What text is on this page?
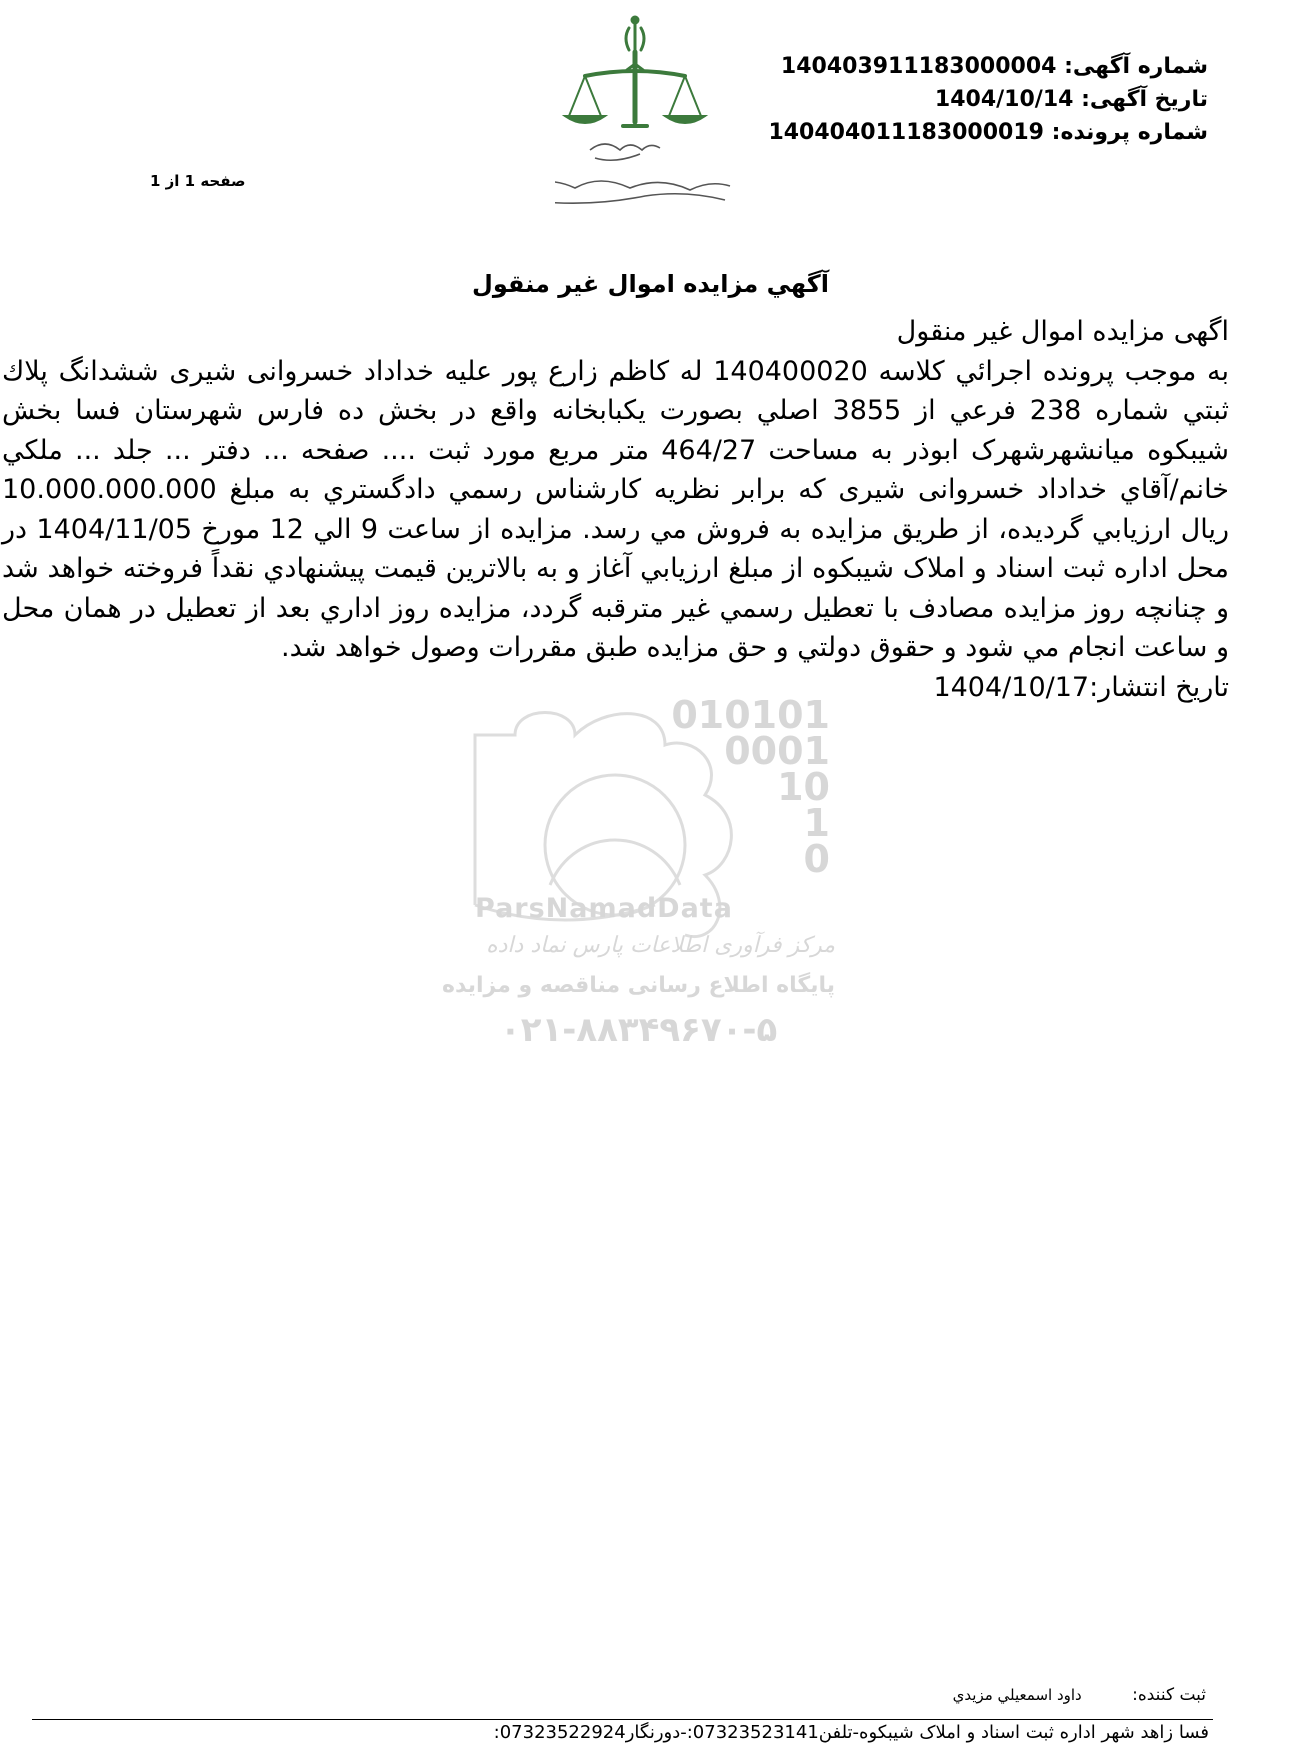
شماره آگهی: 140403911183000004
تاریخ آگهی: 1404/10/14
شماره پرونده: 140404011183000019
صفحه 1 از 1
آگهي مزايده اموال غير منقول
010101
0001
10
1
0
ParsNamadData
مرکز فرآوری اطلاعات پارس نماد داده
پایگاه اطلاع رسانی مناقصه و مزایده
۰۲۱-۸۸۳۴۹۶۷۰-۵

اگهی مزایده اموال غیر منقول

به موجب پرونده اجرائي كلاسه 140400020 له کاظم زارع پور علیه خداداد خسروانی شیری ششدانگ پلاك ثبتي شماره 238 فرعي از 3855 اصلي بصورت یکبابخانه واقع در بخش ده فارس شهرستان فسا بخش شیبکوه میانشهرشهرک ابوذر به مساحت 464/27 متر مربع مورد ثبت .... صفحه ... دفتر ... جلد ... ملكي خانم/آقاي خداداد خسروانی شیری كه برابر نظريه كارشناس رسمي دادگستري به مبلغ 10.000.000.000 ريال ارزيابي گرديده، از طريق مزايده به فروش مي رسد. مزايده از ساعت 9 الي 12 مورخ 1404/11/05 در محل اداره ثبت اسناد و املاک شیبکوه از مبلغ ارزيابي آغاز و به بالاترين قيمت پيشنهادي نقداً فروخته خواهد شد و چنانچه روز مزايده مصادف با تعطيل رسمي غير مترقبه گردد، مزايده روز اداري بعد از تعطيل در همان محل و ساعت انجام مي شود و حقوق دولتي و حق مزايده طبق مقررات وصول خواهد شد.

تاریخ انتشار:1404/10/17

ثبت كننده: داود اسمعيلي مزيدي
فسا زاهد شهر اداره ثبت اسناد و املاک شیبکوه-تلفن07323523141:-دورنگار07323522924:
